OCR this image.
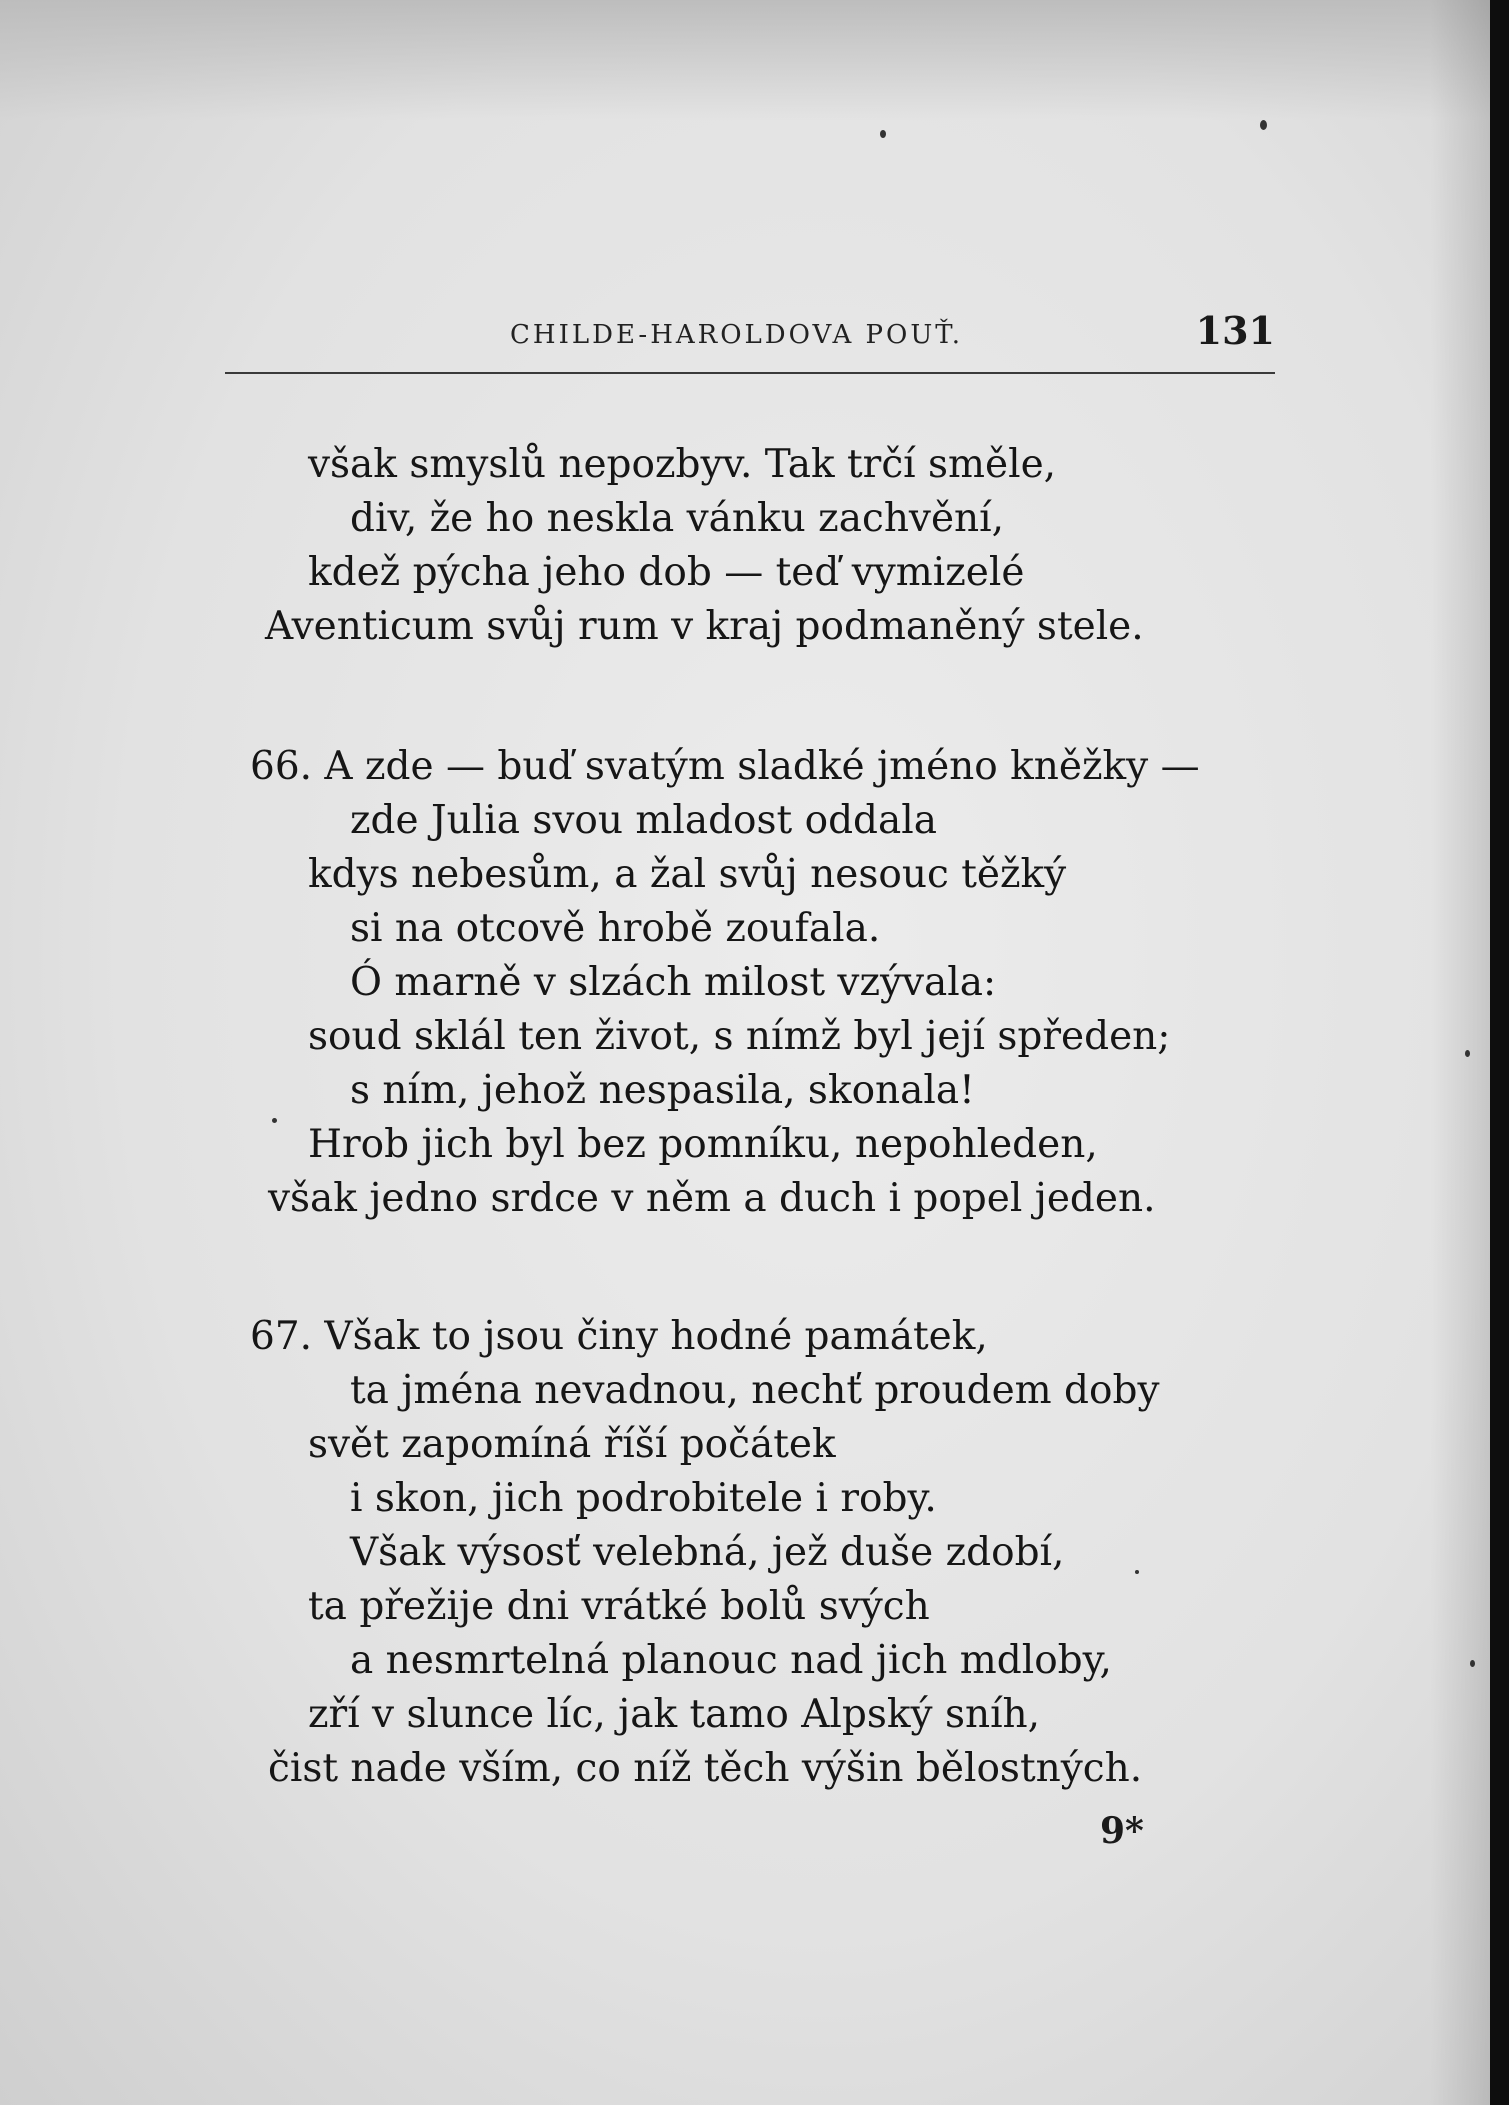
CHILDE-HAROLDOVA POUŤ.	131
však smyslů nepozbyv. Tak trčí směle,
div, že ho neskla vánku zachvění,
kdež pýcha jeho dob — teď vymizelé
Aventicum svůj rum v kraj podmaněný stele.
66. A zde — buď svatým sladké jméno kněžky —
zde Julia svou mladost oddala
kdys nebesům, a žal svůj nesouc těžký
si na otcově hrobě zoufala.
Ó marně v slzách milost vzývala:
soud sklál ten život, s nímž byl její spředen;
s ním, jehož nespasila, skonala!
Hrob jich byl bez pomníku, nepohleden,
však jedno srdce v něm a duch i popel jeden.
67. Však to jsou činy hodné památek,
ta jména nevadnou, nechť proudem doby
svět zapomíná říší počátek
i skon, jich podrobitele i roby.
Však výsosť velebná, jež duše zdobí,
ta přežije dni vrátké bolů svých
a nesmrtelná planouc nad jich mdloby,
zří v slunce líc, jak tamo Alpský sníh,
čist nade vším, co níž těch výšin bělostných.
9*
